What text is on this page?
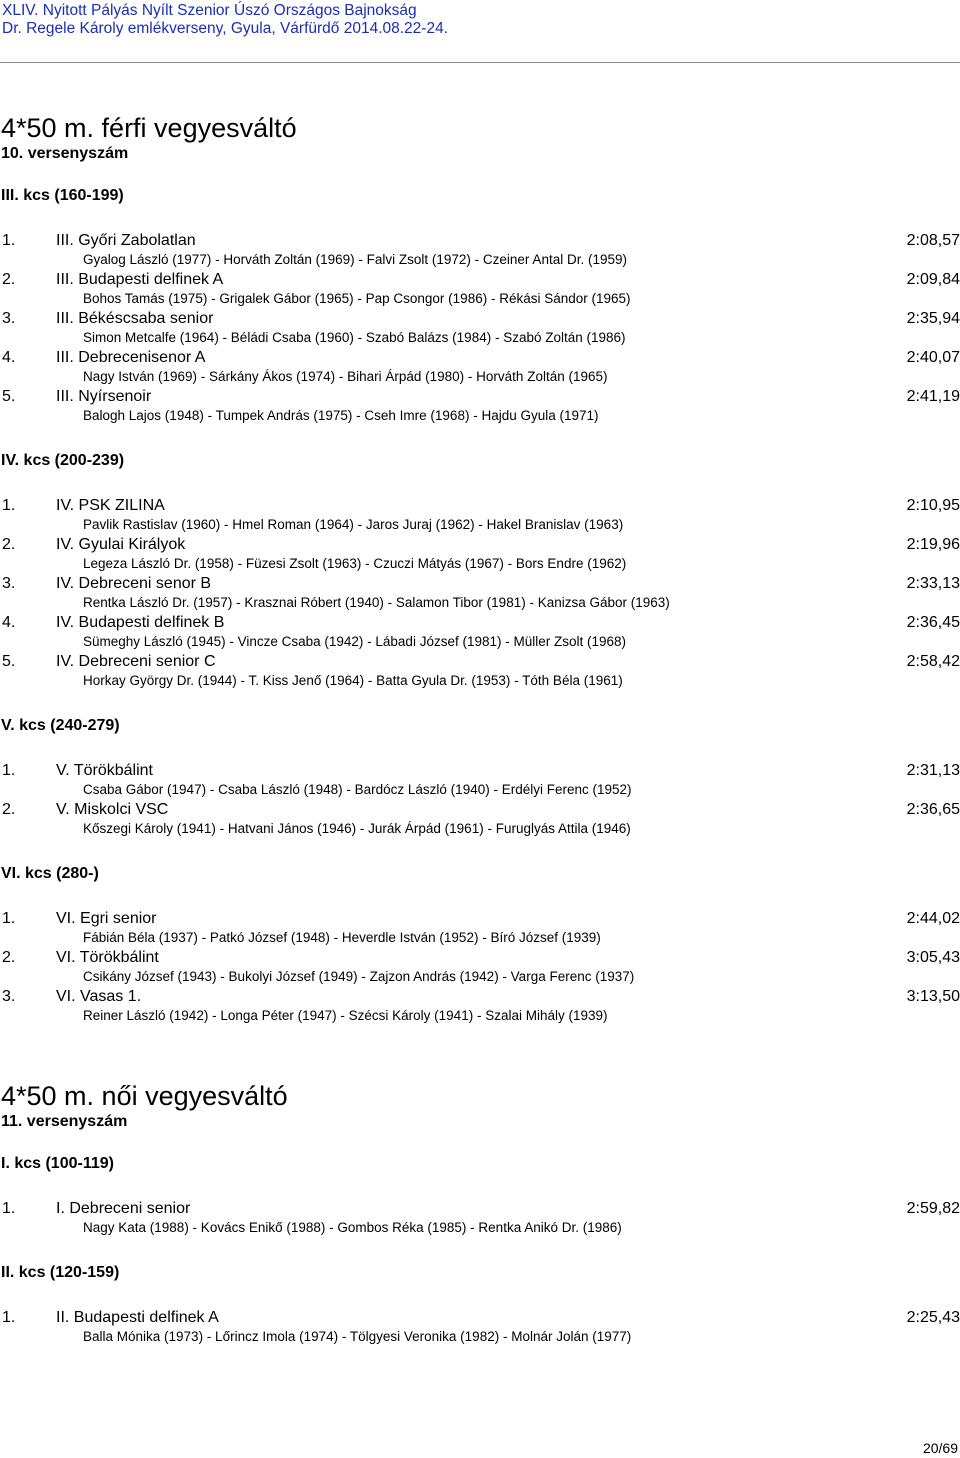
XLIV. Nyitott Pályás Nyílt Szenior Úszó Országos Bajnokság
Dr. Regele Károly emlékverseny, Gyula, Várfürdő 2014.08.22-24.
4*50 m. férfi vegyesváltó
10. versenyszám
III. kcs (160-199)
1.	III. Győri Zabolatlan	2:08,57
Gyalog László (1977) - Horváth Zoltán (1969) - Falvi Zsolt (1972) - Czeiner Antal Dr. (1959)
2.	III. Budapesti delfinek A	2:09,84
Bohos Tamás (1975) - Grigalek Gábor (1965) - Pap Csongor (1986) - Rékási Sándor (1965)
3.	III. Békéscsaba senior	2:35,94
Simon Metcalfe (1964) - Béládi Csaba (1960) - Szabó Balázs (1984) - Szabó Zoltán (1986)
4.	III. Debrecenisenor A	2:40,07
Nagy István (1969) - Sárkány Ákos (1974) - Bihari Árpád (1980) - Horváth Zoltán (1965)
5.	III. Nyírsenoir	2:41,19
Balogh Lajos (1948) - Tumpek András (1975) - Cseh Imre (1968) - Hajdu Gyula (1971)
IV. kcs (200-239)
1.	IV. PSK ZILINA	2:10,95
Pavlik Rastislav (1960) - Hmel Roman (1964) - Jaros Juraj (1962) - Hakel Branislav (1963)
2.	IV. Gyulai Királyok	2:19,96
Legeza László Dr. (1958) - Füzesi Zsolt (1963) - Czuczi Mátyás (1967) - Bors Endre (1962)
3.	IV. Debreceni senor B	2:33,13
Rentka László Dr. (1957) - Krasznai Róbert (1940) - Salamon Tibor (1981) - Kanizsa Gábor (1963)
4.	IV. Budapesti delfinek B	2:36,45
Sümeghy László (1945) - Vincze Csaba (1942) - Lábadi József (1981) - Müller Zsolt (1968)
5.	IV. Debreceni senior C	2:58,42
Horkay György Dr. (1944) - T. Kiss Jenő (1964) - Batta Gyula Dr. (1953) - Tóth Béla (1961)
V. kcs (240-279)
1.	V. Törökbálint	2:31,13
Csaba Gábor (1947) - Csaba László (1948) - Bardócz László (1940) - Erdélyi Ferenc (1952)
2.	V. Miskolci VSC	2:36,65
Kőszegi Károly (1941) - Hatvani János (1946) - Jurák Árpád (1961) - Furuglyás Attila (1946)
VI. kcs (280-)
1.	VI. Egri senior	2:44,02
Fábián Béla (1937) - Patkó József (1948) - Heverdle István (1952) - Bíró József (1939)
2.	VI. Törökbálint	3:05,43
Csikány József (1943) - Bukolyi József (1949) - Zajzon András (1942) - Varga Ferenc (1937)
3.	VI. Vasas 1.	3:13,50
Reiner László (1942) - Longa Péter (1947) - Szécsi Károly (1941) - Szalai Mihály (1939)
4*50 m. női vegyesváltó
11. versenyszám
I. kcs (100-119)
1.	I. Debreceni senior	2:59,82
Nagy Kata (1988) - Kovács Enikő (1988) - Gombos Réka (1985) - Rentka Anikó Dr. (1986)
II. kcs (120-159)
1.	II. Budapesti delfinek A	2:25,43
Balla Mónika (1973) - Lőrincz Imola (1974) - Tölgyesi Veronika (1982) - Molnár Jolán (1977)
20/69
